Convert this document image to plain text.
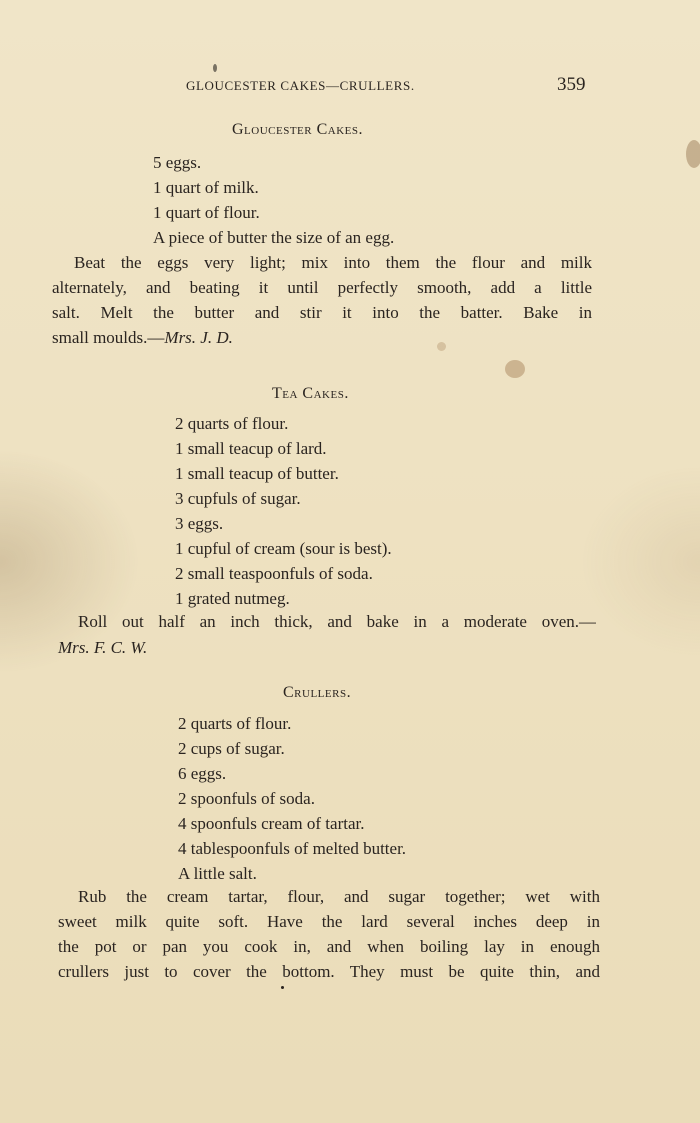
GLOUCESTER CAKES—CRULLERS.	359
Gloucester Cakes.
5 eggs.
1 quart of milk.
1 quart of flour.
A piece of butter the size of an egg.
Beat the eggs very light; mix into them the flour and milk
alternately, and beating it until perfectly smooth, add a little
salt. Melt the butter and stir it into the batter. Bake in
small moulds.—Mrs. J. D.
Tea Cakes.
2 quarts of flour.
1 small teacup of lard.
1 small teacup of butter.
3 cupfuls of sugar.
3 eggs.
1 cupful of cream (sour is best).
2 small teaspoonfuls of soda.
1 grated nutmeg.
Roll out half an inch thick, and bake in a moderate oven.—
Mrs. F. C. W.
Crullers.
2 quarts of flour.
2 cups of sugar.
6 eggs.
2 spoonfuls of soda.
4 spoonfuls cream of tartar.
4 tablespoonfuls of melted butter.
A little salt.
Rub the cream tartar, flour, and sugar together; wet with
sweet milk quite soft. Have the lard several inches deep in
the pot or pan you cook in, and when boiling lay in enough
crullers just to cover the bottom. They must be quite thin, and
